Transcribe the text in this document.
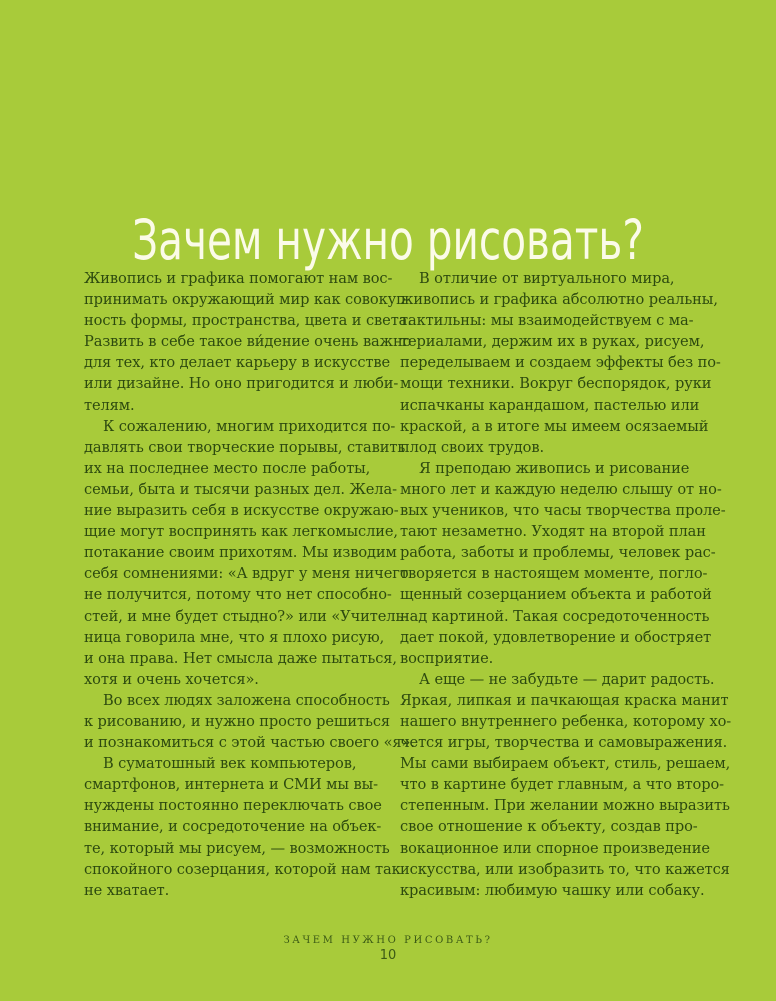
Зачем нужно рисовать?
Живопись и графика помогают нам вос-
принимать окружающий мир как совокуп-
ность формы, пространства, цвета и света.
Развить в себе такое ви́дение очень важно
для тех, кто делает карьеру в искусстве
или дизайне. Но оно пригодится и люби-
телям.
К сожалению, многим приходится по-
давлять свои творческие порывы, ставить
их на последнее место после работы,
семьи, быта и тысячи разных дел. Жела-
ние выразить себя в искусстве окружаю-
щие могут воспринять как легкомыслие,
потакание своим прихотям. Мы изводим
себя сомнениями: «А вдруг у меня ничего
не получится, потому что нет способно-
стей, и мне будет стыдно?» или «Учитель-
ница говорила мне, что я плохо рисую,
и она права. Нет смысла даже пытаться,
хотя и очень хочется».
Во всех людях заложена способность
к рисованию, и нужно просто решиться
и познакомиться с этой частью своего «я».
В суматошный век компьютеров,
смартфонов, интернета и СМИ мы вы-
нуждены постоянно переключать свое
внимание, и сосредоточение на объек-
те, который мы рисуем, — возможность
спокойного созерцания, которой нам так
не хватает.
В отличие от виртуального мира,
живопись и графика абсолютно реальны,
тактильны: мы взаимодействуем с ма-
териалами, держим их в руках, рисуем,
переделываем и создаем эффекты без по-
мощи техники. Вокруг беспорядок, руки
испачканы карандашом, пастелью или
краской, а в итоге мы имеем осязаемый
плод своих трудов.
Я преподаю живопись и рисование
много лет и каждую неделю слышу от но-
вых учеников, что часы творчества проле-
тают незаметно. Уходят на второй план
работа, заботы и проблемы, человек рас-
творяется в настоящем моменте, погло-
щенный созерцанием объекта и работой
над картиной. Такая сосредоточенность
дает покой, удовлетворение и обостряет
восприятие.
А еще — не забудьте — дарит радость.
Яркая, липкая и пачкающая краска манит
нашего внутреннего ребенка, которому хо-
чется игры, творчества и самовыражения.
Мы сами выбираем объект, стиль, решаем,
что в картине будет главным, а что второ-
степенным. При желании можно выразить
свое отношение к объекту, создав про-
вокационное или спорное произведение
искусства, или изобразить то, что кажется
красивым: любимую чашку или собаку.
ЗАЧЕМ НУЖНО РИСОВАТЬ?
10
